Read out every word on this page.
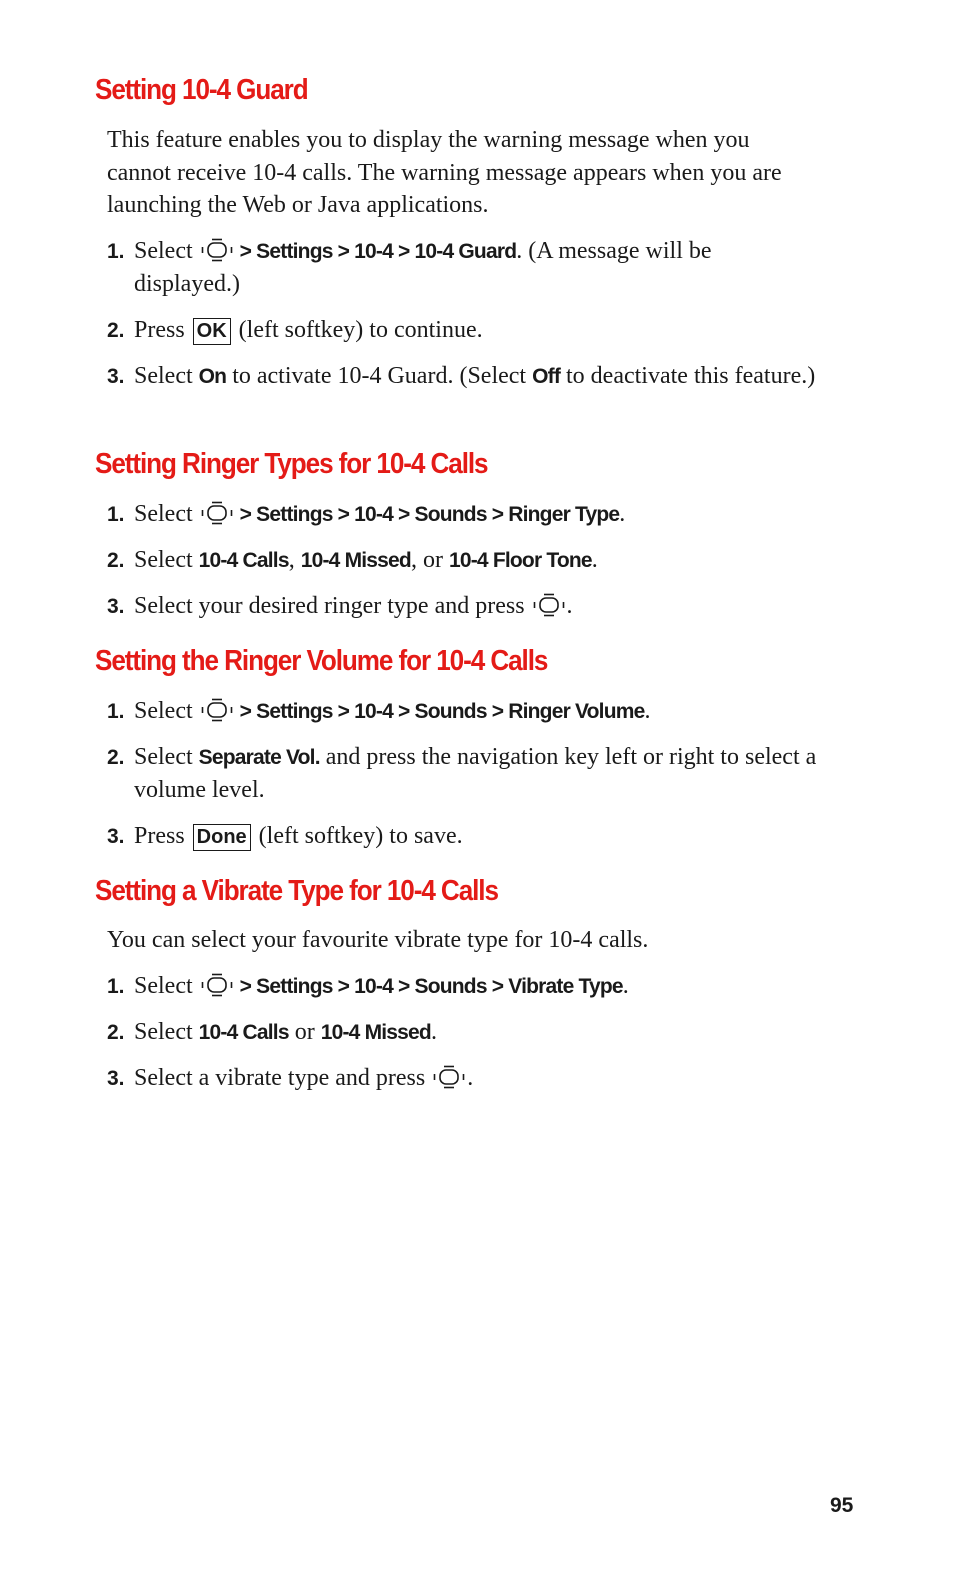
Setting 10-4 Guard

This feature enables you to display the warning message when you cannot receive 10-4 calls. The warning message appears when you are launching the Web or Java applications.

1. Select  > Settings > 10-4 > 10-4 Guard. (A message will be displayed.)
2. Press OK (left softkey) to continue.
3. Select On to activate 10-4 Guard. (Select Off to deactivate this feature.)
Setting Ringer Types for 10-4 Calls
1. Select  > Settings > 10-4 > Sounds > Ringer Type.
2. Select 10-4 Calls, 10-4 Missed, or 10-4 Floor Tone.
3. Select your desired ringer type and press .
Setting the Ringer Volume for 10-4 Calls
1. Select  > Settings > 10-4 > Sounds > Ringer Volume.
2. Select Separate Vol. and press the navigation key left or right to select a volume level.
3. Press Done (left softkey) to save.
Setting a Vibrate Type for 10-4 Calls

You can select your favourite vibrate type for 10-4 calls.

1. Select  > Settings > 10-4 > Sounds > Vibrate Type.
2. Select 10-4 Calls or 10-4 Missed.
3. Select a vibrate type and press .
95
